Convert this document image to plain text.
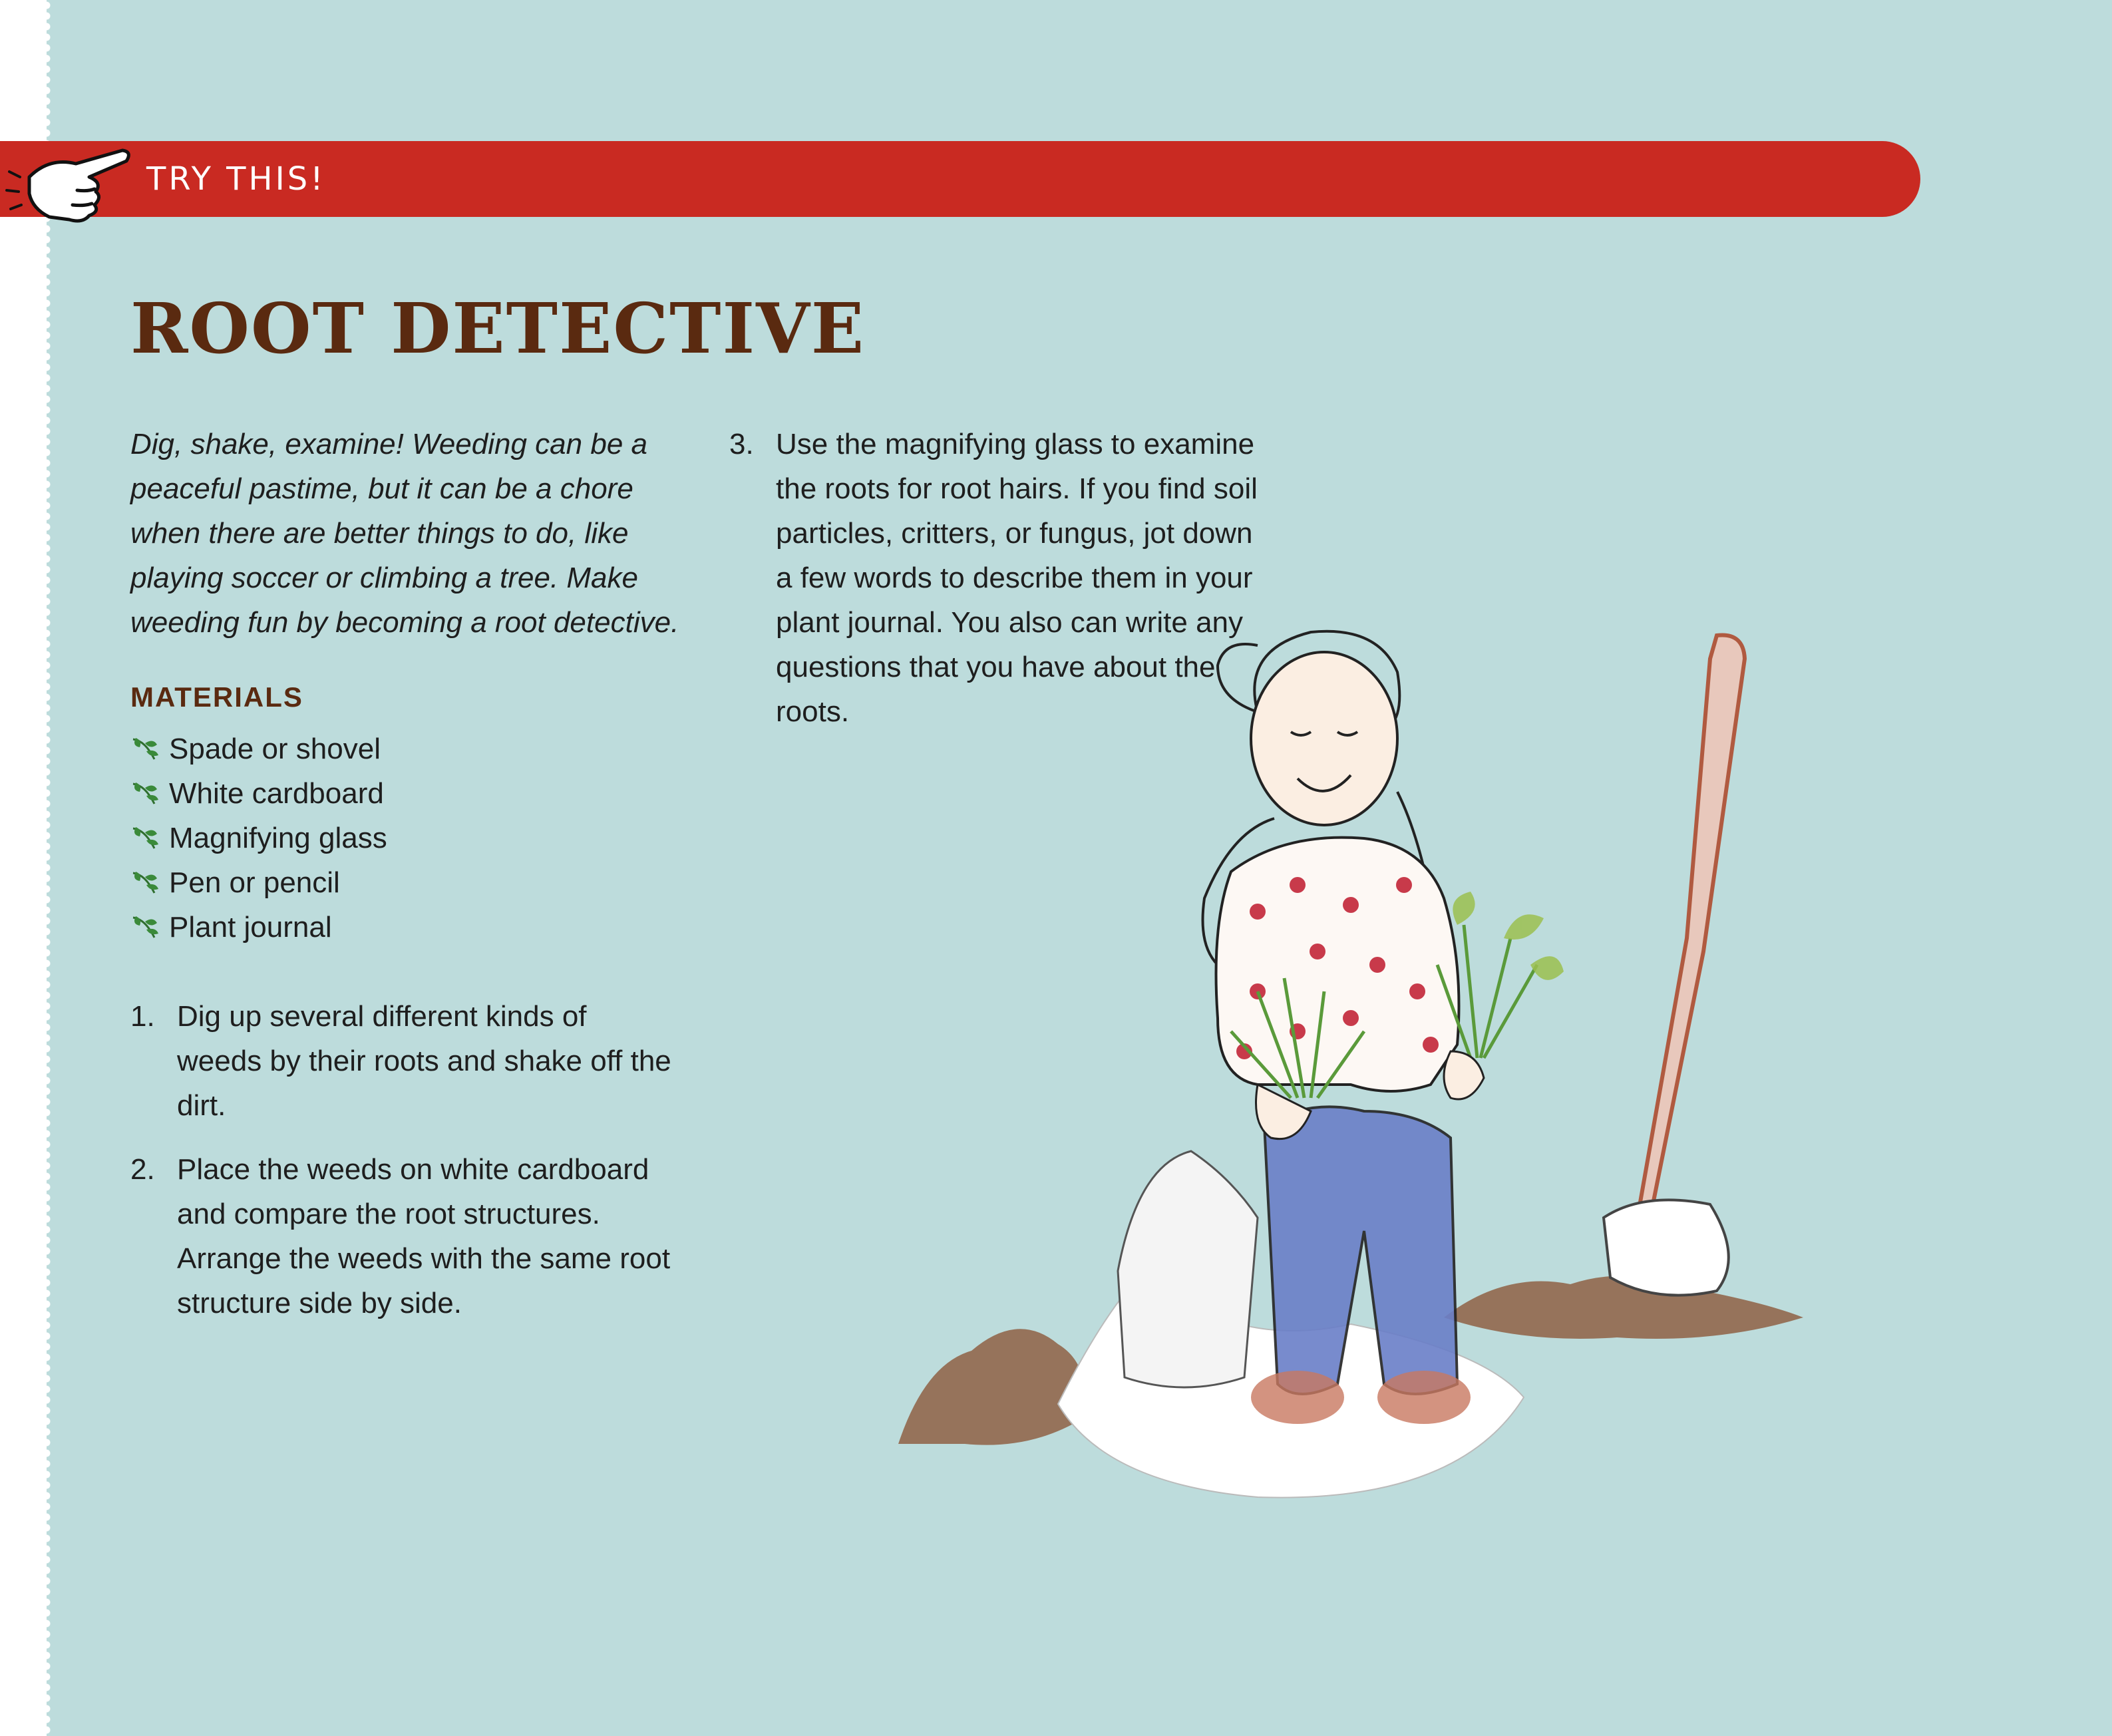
TRY THIS!
ROOT DETECTIVE

Dig, shake, examine! Weeding can be a peaceful pastime, but it can be a chore when there are better things to do, like playing soccer or climbing a tree. Make weeding fun by becoming a root detective.

MATERIALS
Spade or shovel
White cardboard
Magnifying glass
Pen or pencil
Plant journal
1. Dig up several different kinds of weeds by their roots and shake off the dirt.
2. Place the weeds on white cardboard and compare the root structures. Arrange the weeds with the same root structure side by side.
3. Use the magnifying glass to examine the roots for root hairs. If you find soil particles, critters, or fungus, jot down a few words to describe them in your plant journal. You also can write any questions that you have about the roots.
